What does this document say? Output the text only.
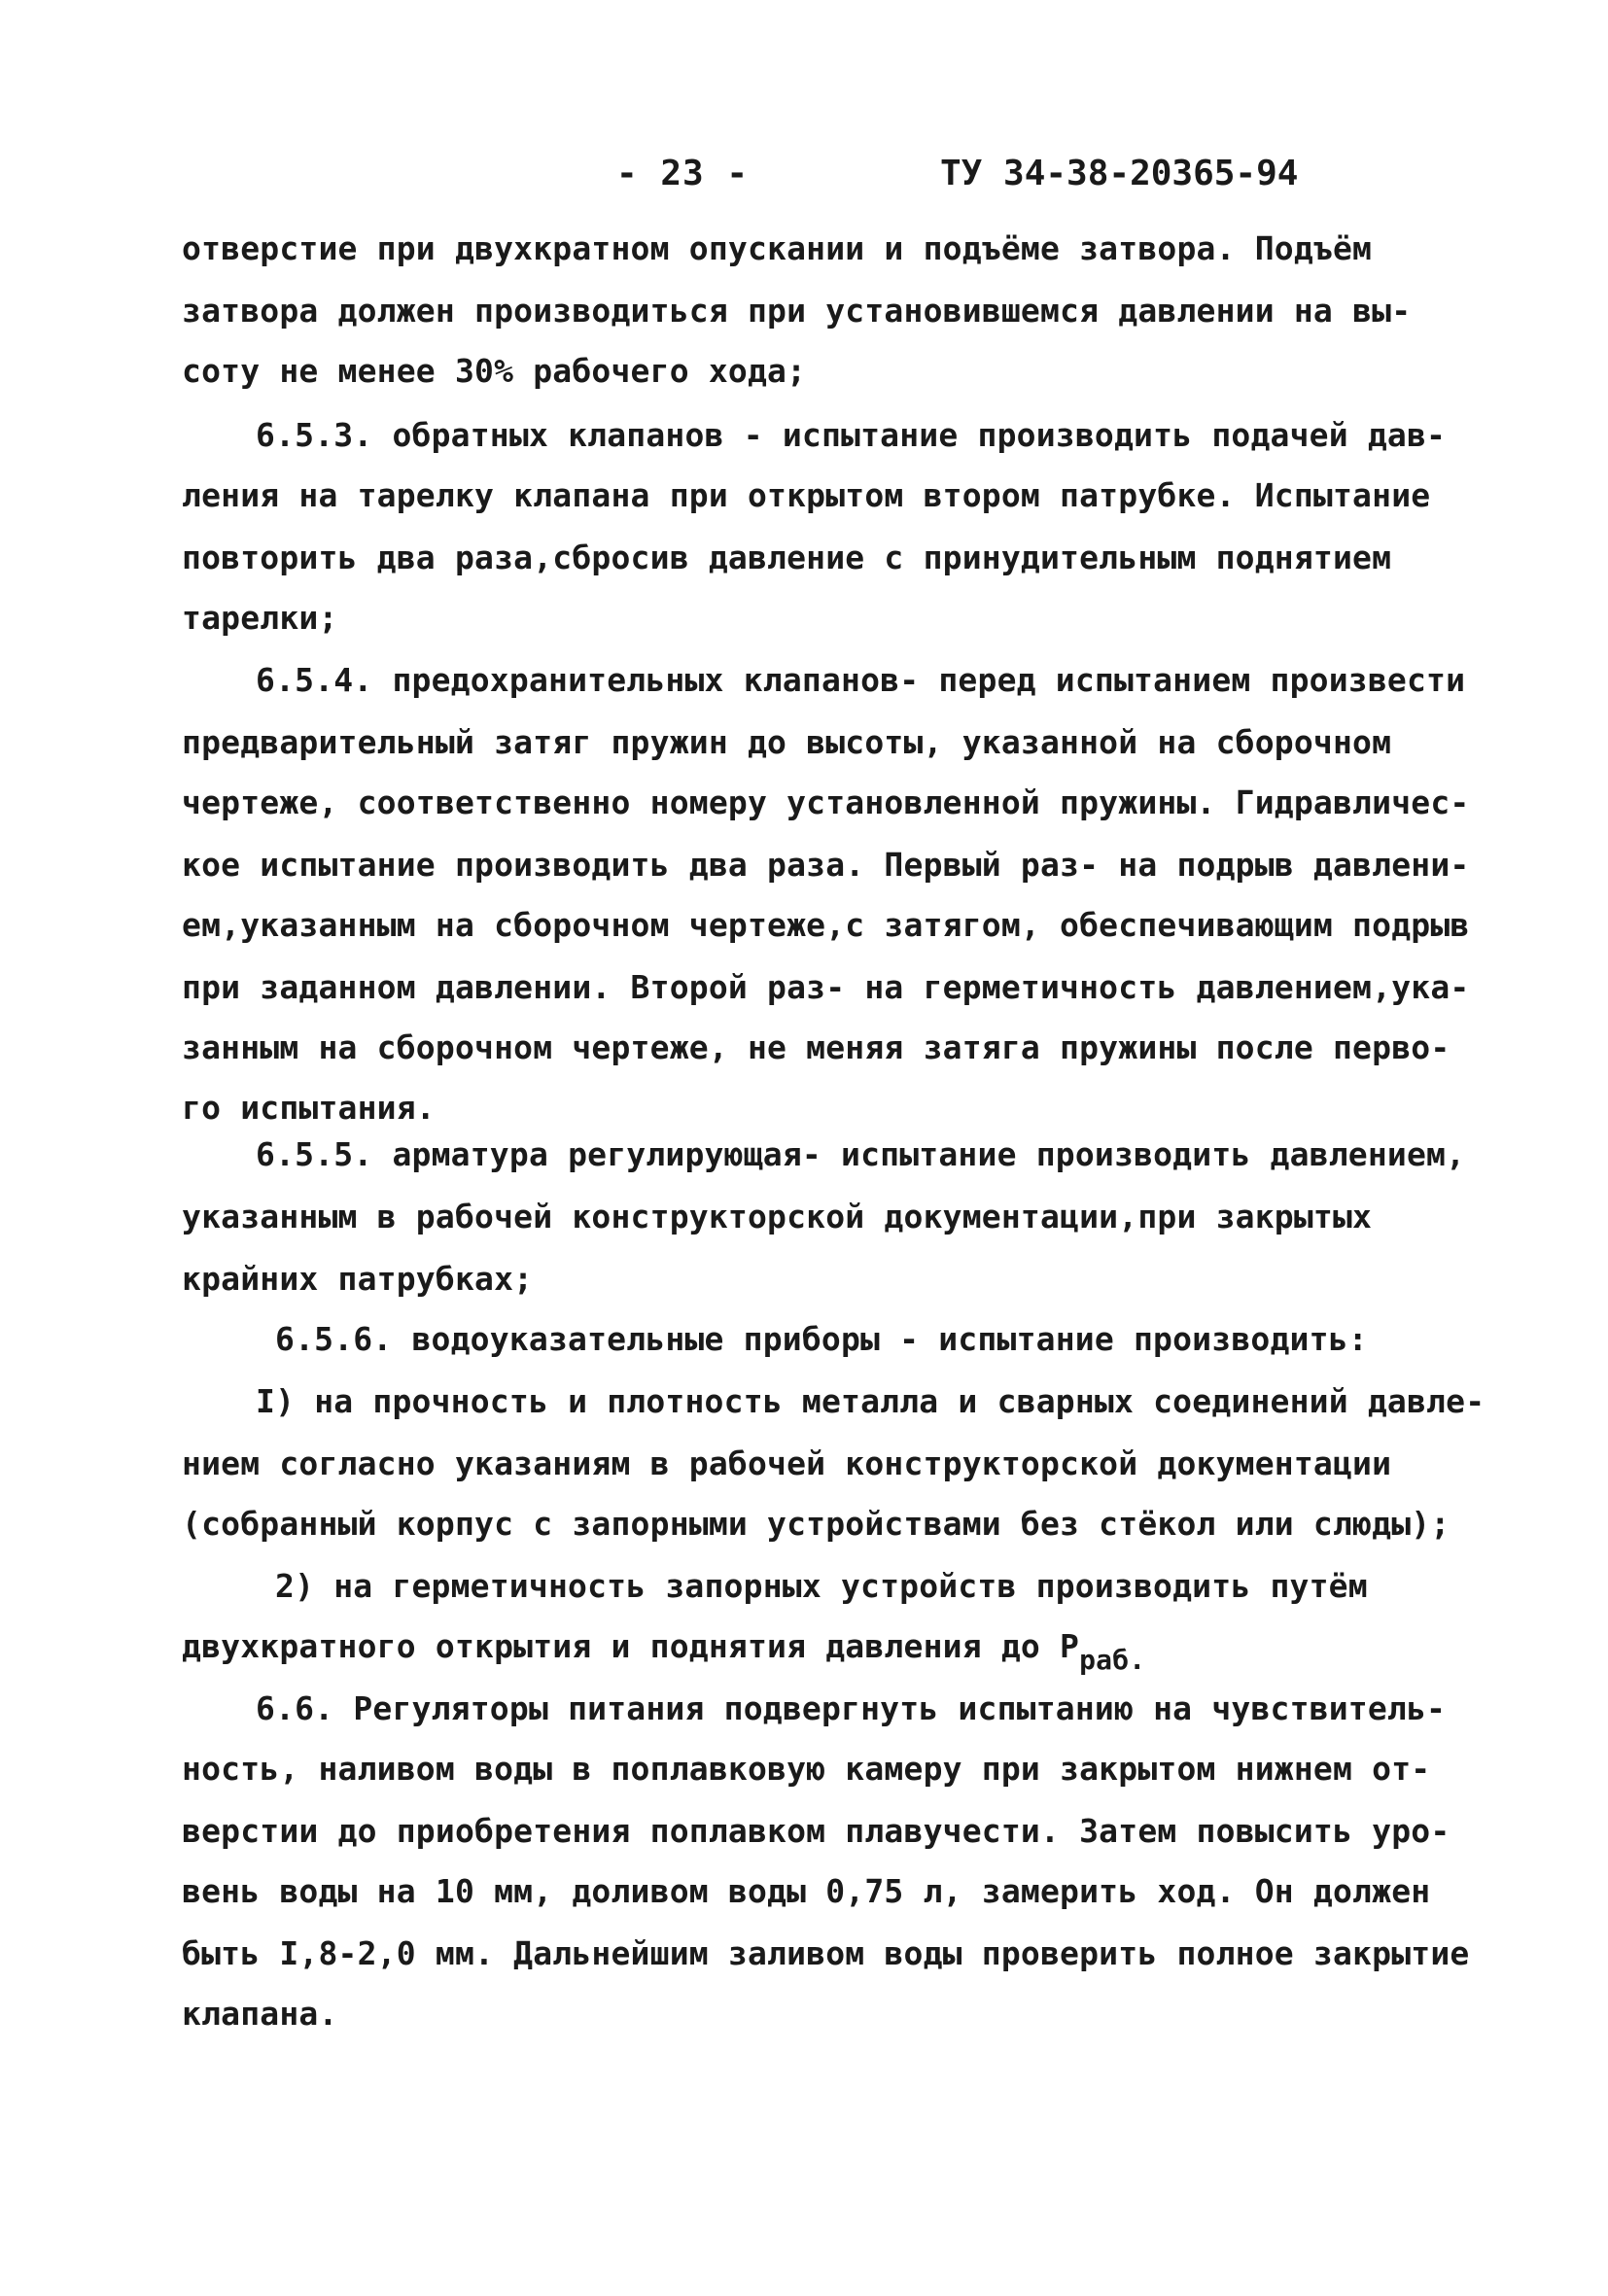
- 23 -	ТУ 34-38-20365-94
отверстие при двухкратном опускании и подъёме затвора. Подъём
затвора должен производиться при установившемся давлении на вы-
соту не менее 30% рабочего хода;
6.5.3. обратных клапанов - испытание производить подачей дав-
ления на тарелку клапана при открытом втором патрубке. Испытание
повторить два раза,сбросив давление с принудительным поднятием
тарелки;
6.5.4. предохранительных клапанов- перед испытанием произвести
предварительный затяг пружин до высоты, указанной на сборочном
чертеже, соответственно номеру установленной пружины. Гидравличес-
кое испытание производить два раза. Первый раз- на подрыв давлени-
ем,указанным на сборочном чертеже,с затягом, обеспечивающим подрыв
при заданном давлении. Второй раз- на герметичность давлением,ука-
занным на сборочном чертеже, не меняя затяга пружины после перво-
го испытания.
6.5.5. арматура регулирующая- испытание производить давлением,
указанным в рабочей конструкторской документации,при закрытых
крайних патрубках;
6.5.6. водоуказательные приборы - испытание производить:
I) на прочность и плотность металла и сварных соединений давле-
нием согласно указаниям в рабочей конструкторской документации
(собранный корпус с запорными устройствами без стёкол или слюды);
2) на герметичность запорных устройств производить путём
двухкратного открытия и поднятия давления до $Р_{раб.}$
6.6. Регуляторы питания подвергнуть испытанию на чувствитель-
ность, наливом воды в поплавковую камеру при закрытом нижнем от-
верстии до приобретения поплавком плавучести. Затем повысить уро-
вень воды на 10 мм, доливом воды 0,75 л, замерить ход. Он должен
быть I,8-2,0 мм. Дальнейшим заливом воды проверить полное закрытие
клапана.
